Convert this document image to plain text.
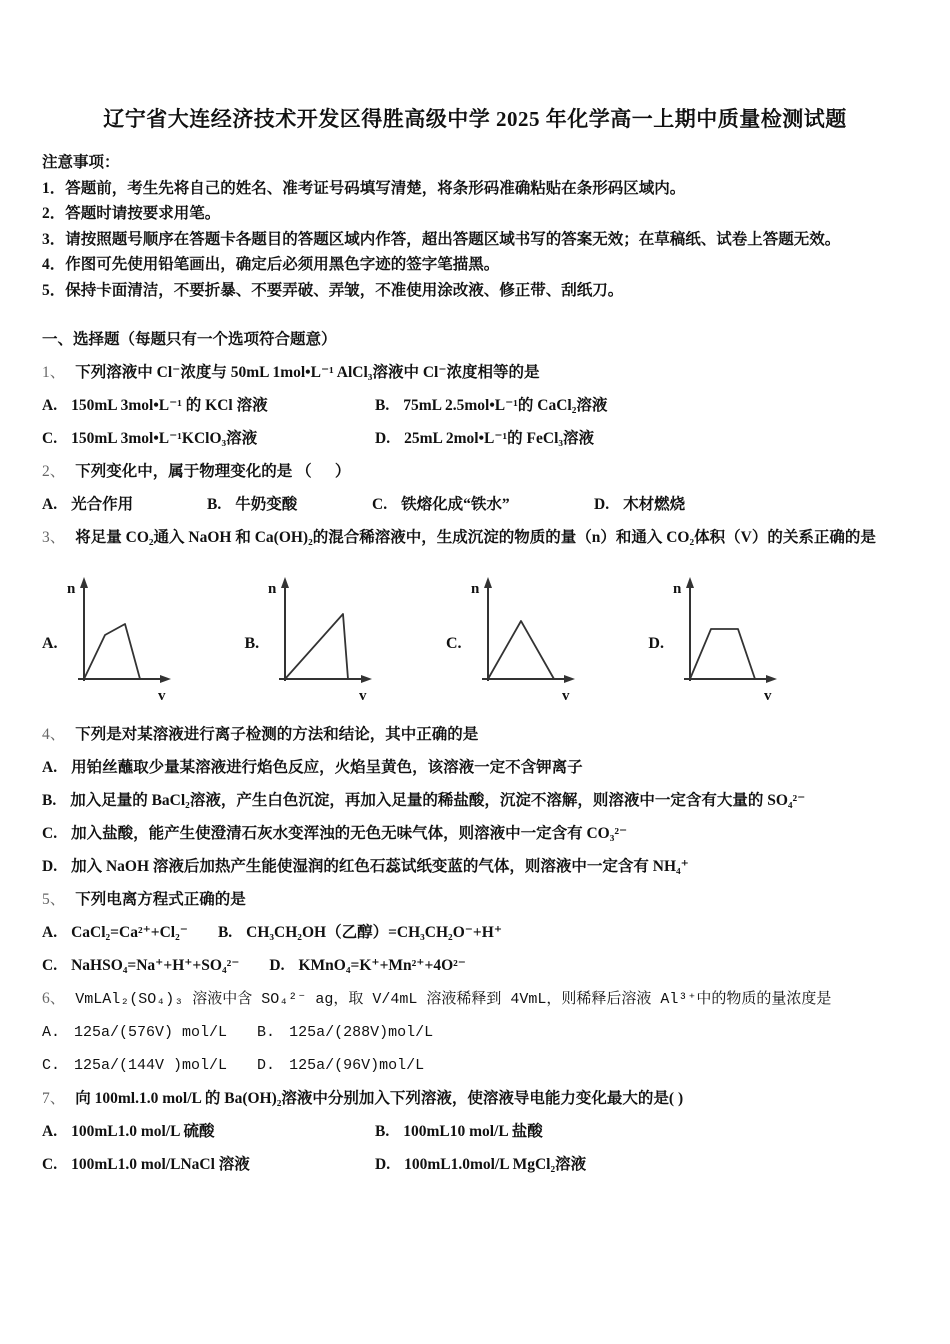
辽宁省大连经济技术开发区得胜高级中学 2025 年化学高一上期中质量检测试题
注意事项：
1．答题前，考生先将自己的姓名、准考证号码填写清楚，将条形码准确粘贴在条形码区域内。
2．答题时请按要求用笔。
3．请按照题号顺序在答题卡各题目的答题区域内作答，超出答题区域书写的答案无效；在草稿纸、试卷上答题无效。
4．作图可先使用铅笔画出，确定后必须用黑色字迹的签字笔描黑。
5．保持卡面清洁，不要折暴、不要弄破、弄皱，不准使用涂改液、修正带、刮纸刀。
一、选择题（每题只有一个选项符合题意）
1、 下列溶液中 Cl⁻浓度与 50mL 1mol•L⁻¹ AlCl₃溶液中 Cl⁻浓度相等的是
A. 150mL 3mol•L⁻¹ 的 KCl 溶液	B. 75mL 2.5mol•L⁻¹的 CaCl₂溶液
C. 150mL 3mol•L⁻¹KClO₃溶液	D. 25mL 2mol•L⁻¹的 FeCl₃溶液
2、 下列变化中，属于物理变化的是 （      ）
A. 光合作用	B. 牛奶变酸	C. 铁熔化成“铁水”	D. 木材燃烧
3、 将足量 CO₂通入 NaOH 和 Ca(OH)₂的混合稀溶液中，生成沉淀的物质的量（n）和通入 CO₂体积（V）的关系正确的是
A.
n
v
B.
n
v
C.
n
v
D.
n
v
4、 下列是对某溶液进行离子检测的方法和结论，其中正确的是
A. 用铂丝蘸取少量某溶液进行焰色反应，火焰呈黄色，该溶液一定不含钾离子
B. 加入足量的 BaCl₂溶液，产生白色沉淀，再加入足量的稀盐酸，沉淀不溶解，则溶液中一定含有大量的 SO₄²⁻
C. 加入盐酸，能产生使澄清石灰水变浑浊的无色无味气体，则溶液中一定含有 CO₃²⁻
D. 加入 NaOH 溶液后加热产生能使湿润的红色石蕊试纸变蓝的气体，则溶液中一定含有 NH₄⁺
5、 下列电离方程式正确的是
A. CaCl₂=Ca²⁺+Cl₂⁻ B. CH₃CH₂OH（乙醇）=CH₃CH₂O⁻+H⁺
C. NaHSO₄=Na⁺+H⁺+SO₄²⁻ D. KMnO₄=K⁺+Mn²⁺+4O²⁻
6、 VmLAl₂(SO₄)₃ 溶液中含 SO₄²⁻ ag，取 V/4mL 溶液稀释到 4VmL，则稀释后溶液 Al³⁺中的物质的量浓度是
A. 125a/(576V) mol/L B. 125a/(288V)mol/L
C. 125a/(144V )mol/L D. 125a/(96V)mol/L
7、 向 100ml.1.0 mol/L 的 Ba(OH)₂溶液中分别加入下列溶液，使溶液导电能力变化最大的是( )
A. 100mL1.0 mol/L 硫酸	B. 100mL10 mol/L 盐酸
C. 100mL1.0 mol/LNaCl 溶液	D. 100mL1.0mol/L MgCl₂溶液
